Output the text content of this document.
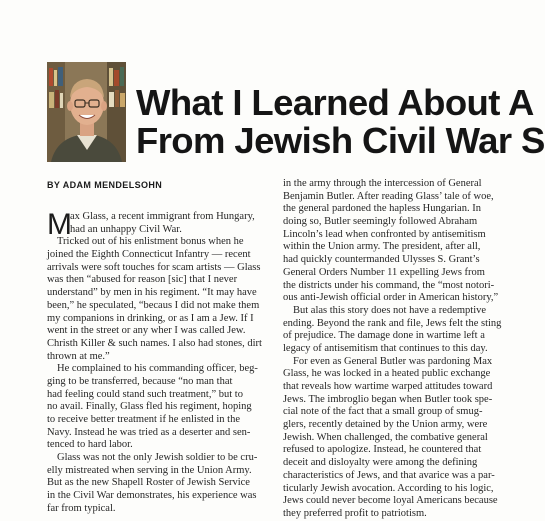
What I Learned About A
From Jewish Civil War S
BY ADAM MENDELSOHN
M
ax Glass, a recent immigrant from Hungary,
had an unhappy Civil War.
Tricked out of his enlistment bonus when he
joined the Eighth Connecticut Infantry — recent
arrivals were soft touches for scam artists — Glass
was then “abused for reason [sic] that I never
understand” by men in his regiment. “It may have
been,” he speculated, “becaus I did not make them
my companions in drinking, or as I am a Jew. If I
went in the street or any wher I was called Jew.
Christh Killer & such names. I also had stones, dirt
thrown at me.”
He complained to his commanding officer, beg-
ging to be transferred, because “no man that
had feeling could stand such treatment,” but to
no avail. Finally, Glass fled his regiment, hoping
to receive better treatment if he enlisted in the
Navy. Instead he was tried as a deserter and sen-
tenced to hard labor.
Glass was not the only Jewish soldier to be cru-
elly mistreated when serving in the Union Army.
But as the new Shapell Roster of Jewish Service
in the Civil War demonstrates, his experience was
far from typical.
in the army through the intercession of General
Benjamin Butler. After reading Glass’ tale of woe,
the general pardoned the hapless Hungarian. In
doing so, Butler seemingly followed Abraham
Lincoln’s lead when confronted by antisemitism
within the Union army. The president, after all,
had quickly countermanded Ulysses S. Grant’s
General Orders Number 11 expelling Jews from
the districts under his command, the “most notori-
ous anti-Jewish official order in American history,”
But alas this story does not have a redemptive
ending. Beyond the rank and file, Jews felt the sting
of prejudice. The damage done in wartime left a
legacy of antisemitism that continues to this day.
For even as General Butler was pardoning Max
Glass, he was locked in a heated public exchange
that reveals how wartime warped attitudes toward
Jews. The imbroglio began when Butler took spe-
cial note of the fact that a small group of smug-
glers, recently detained by the Union army, were
Jewish. When challenged, the combative general
refused to apologize. Instead, he countered that
deceit and disloyalty were among the defining
characteristics of Jews, and that avarice was a par-
ticularly Jewish avocation. According to his logic,
Jews could never become loyal Americans because
they preferred profit to patriotism.
